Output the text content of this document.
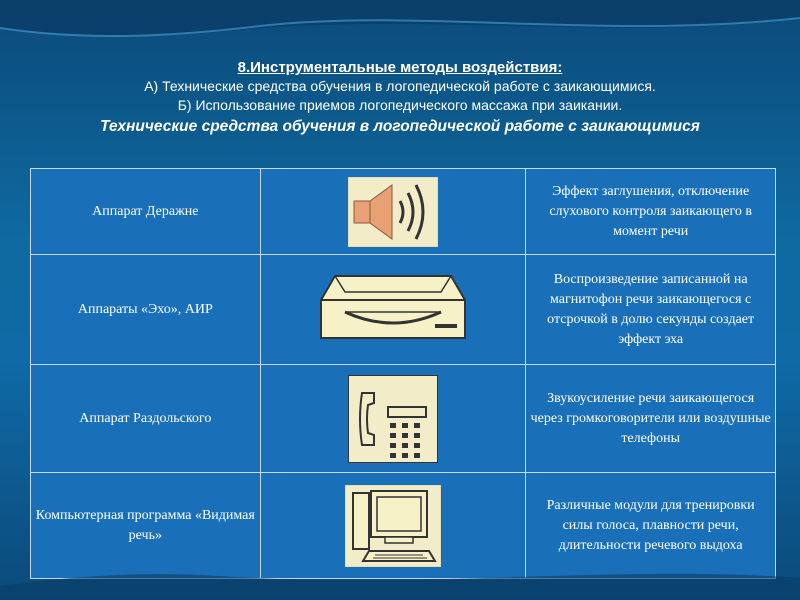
8.Инструментальные методы воздействия:
А) Технические средства обучения в логопедической работе с заикающимися.
Б) Использование приемов логопедического массажа при заикании.
Технические средства обучения в логопедической работе с заикающимися
Аппарат Деражне		Эффект заглушения, отключение слухового контроля заикающего в момент речи
Аппараты «Эхо», АИР		Воспроизведение записанной на магнитофон речи заикающегося с отсрочкой в долю секунды создает эффект эха
Аппарат Раздольского		Звукоусиление речи заикающегося через громкоговорители или воздушные телефоны
Компьютерная программа «Видимая речь»		Различные модули для тренировки силы голоса, плавности речи, длительности речевого выдоха
